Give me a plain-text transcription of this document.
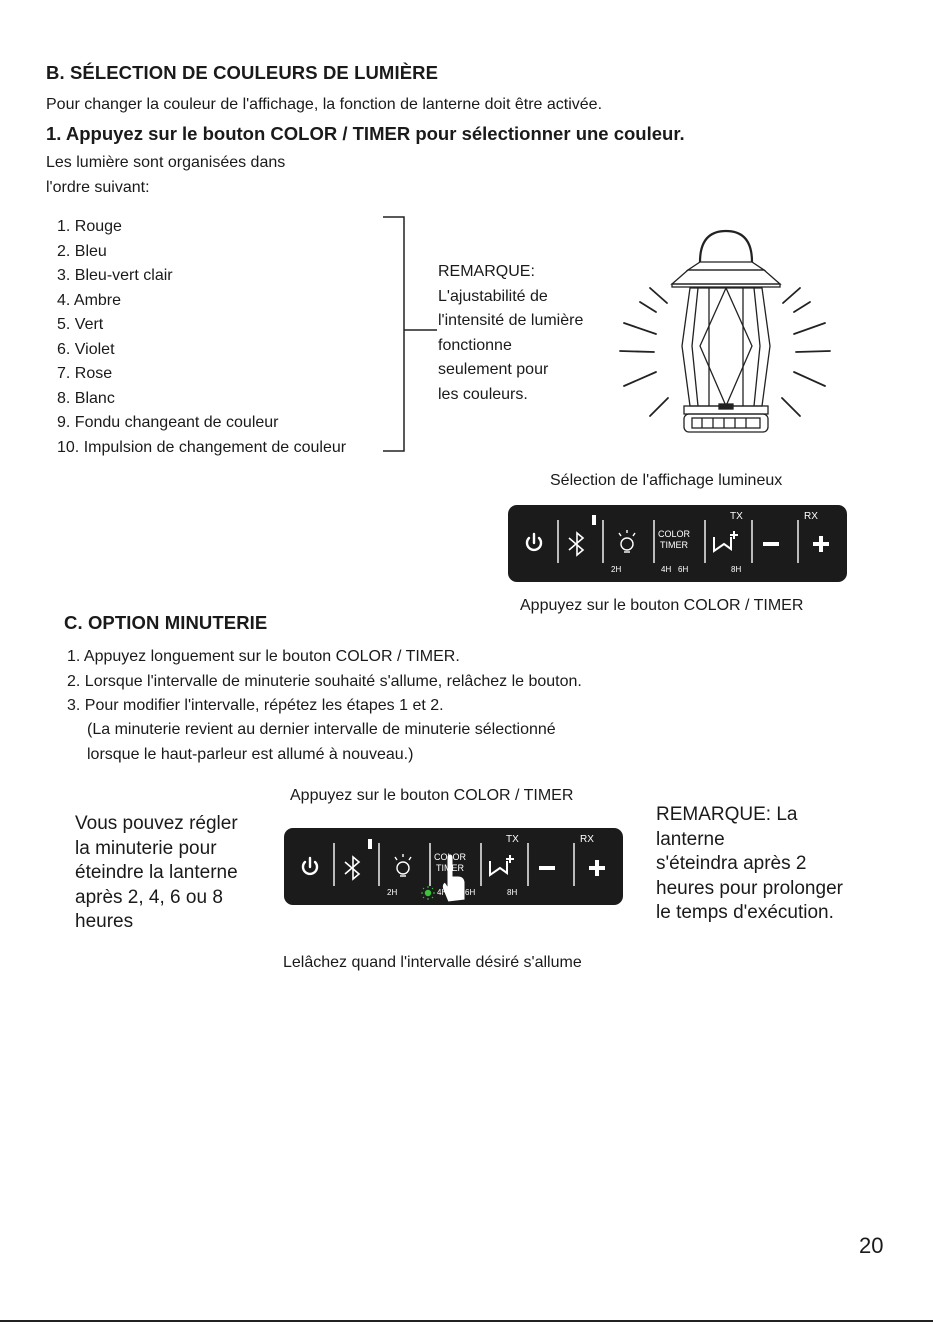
B. SÉLECTION DE COULEURS DE LUMIÈRE
Pour changer la couleur de l'affichage, la fonction de lanterne doit être activée.
1. Appuyez sur le bouton COLOR / TIMER pour sélectionner une couleur.
Les lumière sont organisées dans
l'ordre suivant:
1. Rouge
2. Bleu
3. Bleu-vert clair
4. Ambre
5. Vert
6. Violet
7. Rose
8. Blanc
9. Fondu changeant de couleur
10. Impulsion de changement de couleur
REMARQUE:
L'ajustabilité de
l'intensité de lumière
fonctionne
seulement pour
les couleurs.
Sélection de l'affichage lumineux
COLOR
TIMER
TX	RX
2H	4H 6H	8H
Appuyez sur le bouton COLOR / TIMER
C. OPTION MINUTERIE
1. Appuyez longuement sur le bouton COLOR / TIMER.
2. Lorsque l'intervalle de minuterie souhaité s'allume, relâchez le bouton.
3. Pour modifier l'intervalle, répétez les étapes 1 et 2.
(La minuterie revient au dernier intervalle de minuterie sélectionné
lorsque le haut-parleur est allumé à nouveau.)
Vous pouvez régler
la minuterie pour
éteindre la lanterne
après 2, 4, 6 ou 8
heures
Appuyez sur le bouton COLOR / TIMER
COLOR
TIMER
TX	RX
2H	4H 6H	8H
REMARQUE: La
lanterne
s'éteindra après 2
heures pour prolonger
le temps d'exécution.
Lelâchez quand l'intervalle désiré s'allume
20
